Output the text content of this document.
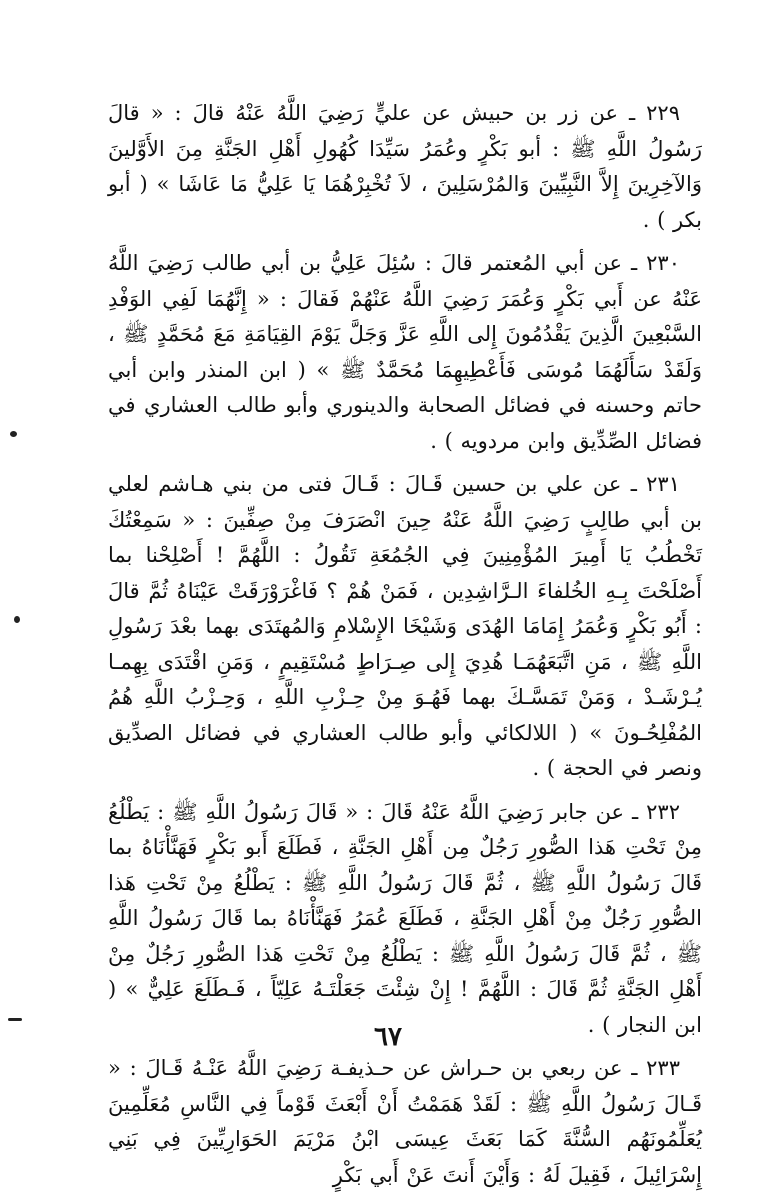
٢٢٩ ـ عن زر بن حبيش عن عليٍّ رَضِيَ اللَّهُ عَنْهُ قالَ : « قالَ رَسُولُ اللَّهِ ﷺ : أبو بَكْرٍ وعُمَرُ سَيِّدَا كُهُولِ أَهْلِ الجَنَّةِ مِنَ الأَوَّلينَ وَالآخِرِينَ إِلاَّ النَّبِيِّينَ وَالمُرْسَلِينَ ، لاَ تُخْبِرْهُمَا يَا عَلِيُّ مَا عَاشَا » ( أبو بكر ) .

٢٣٠ ـ عن أبي المُعتمر قالَ : سُئِلَ عَلِيُّ بن أبي طالب رَضِيَ اللَّهُ عَنْهُ عن أَبي بَكْرٍ وَعُمَرَ رَضِيَ اللَّهُ عَنْهُمْ فَقالَ : « إِنَّهُمَا لَفِي الوَفْدِ السَّبْعِينَ الَّذِينَ يَقْدُمُونَ إِلى اللَّهِ عَزَّ وَجَلَّ يَوْمَ القِيَامَةِ مَعَ مُحَمَّدٍ ﷺ ، وَلَقَدْ سَأَلَهُمَا مُوسَى فَأَعْطِيهِمَا مُحَمَّدٌ ﷺ » ( ابن المنذر وابن أبي حاتم وحسنه في فضائل الصحابة والدينوري وأبو طالب العشاري في فضائل الصِّدِّيق وابن مردويه ) .

٢٣١ ـ عن علي بن حسين قَـالَ : قَـالَ فتى من بني هـاشم لعلي بن أبي طالِبٍ رَضِيَ اللَّهُ عَنْهُ حِينَ انْصَرَفَ مِنْ صِفِّينَ : « سَمِعْتُكَ تَخْطُبُ يَا أَمِيرَ المُؤْمِنِينَ فِي الجُمُعَةِ تَقُولُ : اللَّهُمَّ ! أَصْلِحْنا بما أَصْلَحْتَ بِـهِ الخُلفاءَ الـرَّاشِدِين ، فَمَنْ هُمْ ؟ فَاغْرَوْرَقَتْ عَيْنَاهُ ثُمَّ قالَ : أَبُو بَكْرٍ وَعُمَرُ إِمَامَا الهُدَى وَشَيْخَا الإِسْلامِ وَالمُهتَدَى بهما بعْدَ رَسُولِ اللَّهِ ﷺ ، مَنِ اتَّبَعَهُمَـا هُدِيَ إِلى صِـرَاطٍ مُسْتَقِيمٍ ، وَمَنِ اقْتَدَى بِهِمـا يُـرْشَـدْ ، وَمَنْ تَمَسَّـكَ بهما فَهُـوَ مِنْ حِـزْبِ اللَّهِ ، وَحِـزْبُ اللَّهِ هُمُ المُفْلِحُـونَ » ( اللالكائي وأبو طالب العشاري في فضائل الصدِّيق ونصر في الحجة ) .

٢٣٢ ـ عن جابر رَضِيَ اللَّهُ عَنْهُ قَالَ : « قَالَ رَسُولُ اللَّهِ ﷺ : يَطْلُعُ مِنْ تَحْتِ هَذا الصُّورِ رَجُلٌ مِن أَهْلِ الجَنَّةِ ، فَطَلَعَ أَبو بَكْرٍ فَهَنَّأْنَاهُ بما قَالَ رَسُولُ اللَّهِ ﷺ ، ثُمَّ قَالَ رَسُولُ اللَّهِ ﷺ : يَطْلُعُ مِنْ تَحْتِ هَذا الصُّورِ رَجُلٌ مِنْ أَهْلِ الجَنَّةِ ، فَطَلَعَ عُمَرُ فَهَنَّأْنَاهُ بما قَالَ رَسُولُ اللَّهِ ﷺ ، ثُمَّ قَالَ رَسُولُ اللَّهِ ﷺ : يَطْلُعُ مِنْ تَحْتِ هَذا الصُّورِ رَجُلٌ مِنْ أَهْلِ الجَنَّةِ ثُمَّ قَالَ : اللَّهُمَّ ! إِنْ شِئْتَ جَعَلْتَـهُ عَلِيّاً ، فَـطَلَعَ عَلِيٌّ » ( ابن النجار ) .

٢٣٣ ـ عن ربعي بن حـراش عن حـذيفـة رَضِيَ اللَّهُ عَنْـهُ قَـالَ : « قَـالَ رَسُولُ اللَّهِ ﷺ : لَقَدْ هَمَمْتُ أَنْ أَبْعَثَ قَوْماً فِي النَّاسِ مُعَلِّمِينَ يُعَلِّمُونَهُم السُّنَّةَ كَمَا بَعَثَ عِيسَى ابْنُ مَرْيَمَ الحَوَارِيِّينَ فِي بَنِي إِسْرَائِيلَ ، فَقِيلَ لَهُ : وَأَيْنَ أَنتَ عَنْ أَبي بَكْرٍ

٦٧
